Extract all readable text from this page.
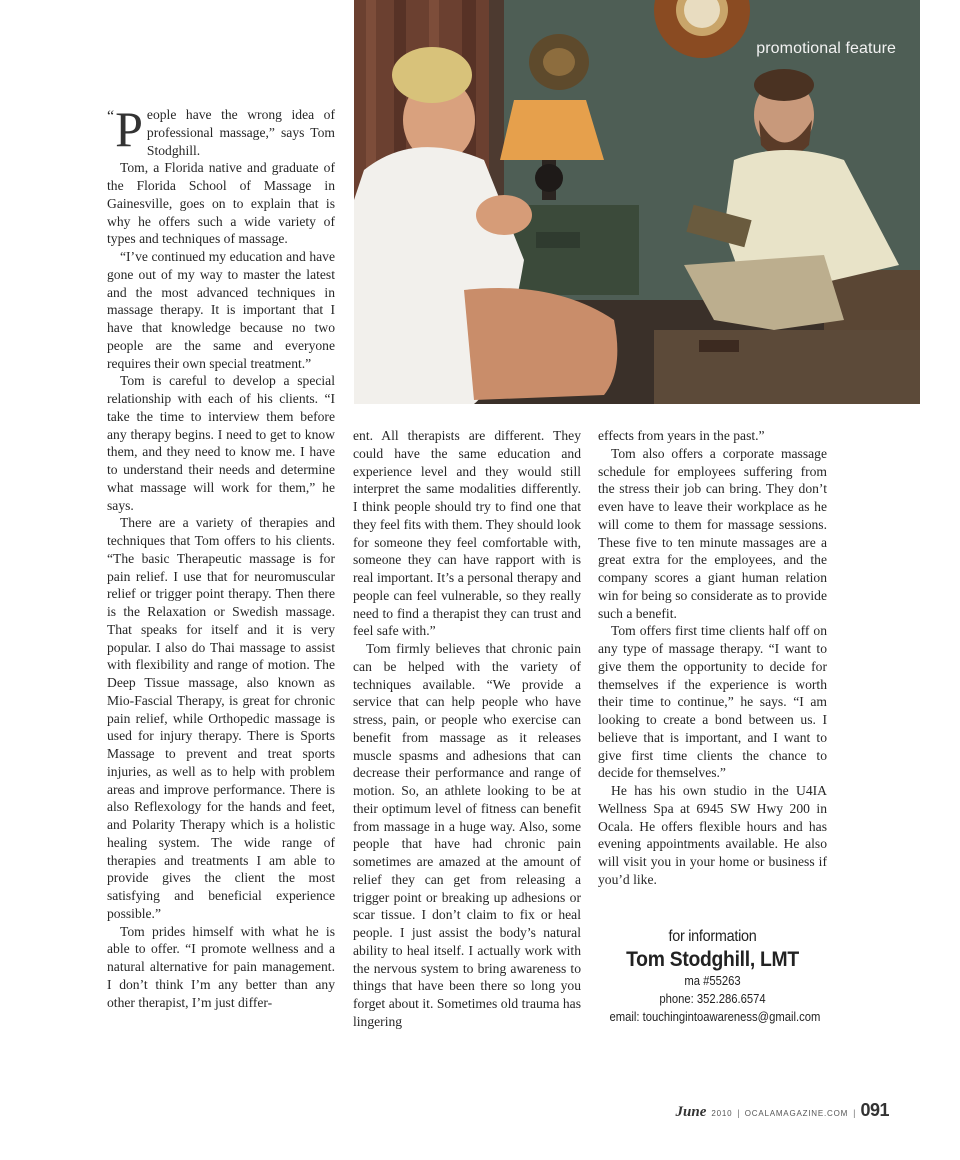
promotional feature

“ P eople have the wrong idea of professional massage,” says Tom Stodghill.

Tom, a Florida native and graduate of the Florida School of Massage in Gainesville, goes on to explain that is why he offers such a wide variety of types and techniques of massage.

“I’ve continued my education and have gone out of my way to master the latest and the most advanced techniques in massage therapy. It is important that I have that knowledge because no two people are the same and everyone requires their own special treatment.”

Tom is careful to develop a special relationship with each of his clients. “I take the time to interview them before any therapy begins. I need to get to know them, and they need to know me. I have to understand their needs and determine what massage will work for them,” he says.

There are a variety of therapies and techniques that Tom offers to his clients. “The basic Therapeutic massage is for pain relief. I use that for neuromuscular relief or trigger point therapy. Then there is the Relaxation or Swedish massage. That speaks for itself and it is very popular. I also do Thai massage to assist with flexibility and range of motion. The Deep Tissue massage, also known as Mio-Fascial Therapy, is great for chronic pain relief, while Orthopedic massage is used for injury therapy. There is Sports Massage to prevent and treat sports injuries, as well as to help with problem areas and improve performance. There is also Reflexology for the hands and feet, and Polarity Therapy which is a holistic healing system. The wide range of therapies and treatments I am able to provide gives the client the most satisfying and beneficial experience possible.”

Tom prides himself with what he is able to offer. “I promote wellness and a natural alternative for pain management. I don’t think I’m any better than any other therapist, I’m just differ-

ent. All therapists are different. They could have the same education and experience level and they would still interpret the same modalities differently. I think people should try to find one that they feel fits with them. They should look for someone they feel comfortable with, someone they can have rapport with is real important. It’s a personal therapy and people can feel vulnerable, so they really need to find a therapist they can trust and feel safe with.”

Tom firmly believes that chronic pain can be helped with the variety of techniques available. “We provide a service that can help people who have stress, pain, or people who exercise can benefit from massage as it releases muscle spasms and adhesions that can decrease their performance and range of motion. So, an athlete looking to be at their optimum level of fitness can benefit from massage in a huge way. Also, some people that have had chronic pain sometimes are amazed at the amount of relief they can get from releasing a trigger point or breaking up adhesions or scar tissue. I don’t claim to fix or heal people. I just assist the body’s natural ability to heal itself. I actually work with the nervous system to bring awareness to things that have been there so long you forget about it. Sometimes old trauma has lingering

effects from years in the past.”

Tom also offers a corporate massage schedule for employees suffering from the stress their job can bring. They don’t even have to leave their workplace as he will come to them for massage sessions. These five to ten minute massages are a great extra for the employees, and the company scores a giant human relation win for being so considerate as to provide such a benefit.

Tom offers first time clients half off on any type of massage therapy. “I want to give them the opportunity to decide for themselves if the experience is worth their time to continue,” he says. “I am looking to create a bond between us. I believe that is important, and I want to give first time clients the chance to decide for themselves.”

He has his own studio in the U4IA Wellness Spa at 6945 SW Hwy 200 in Ocala. He offers flexible hours and has evening appointments available. He also will visit you in your home or business if you’d like.

for information
Tom Stodghill, LMT
ma #55263
phone: 352.286.6574
email: touchingintoawareness@gmail.com
June 2010 | OCALAMAGAZINE.COM | 091
